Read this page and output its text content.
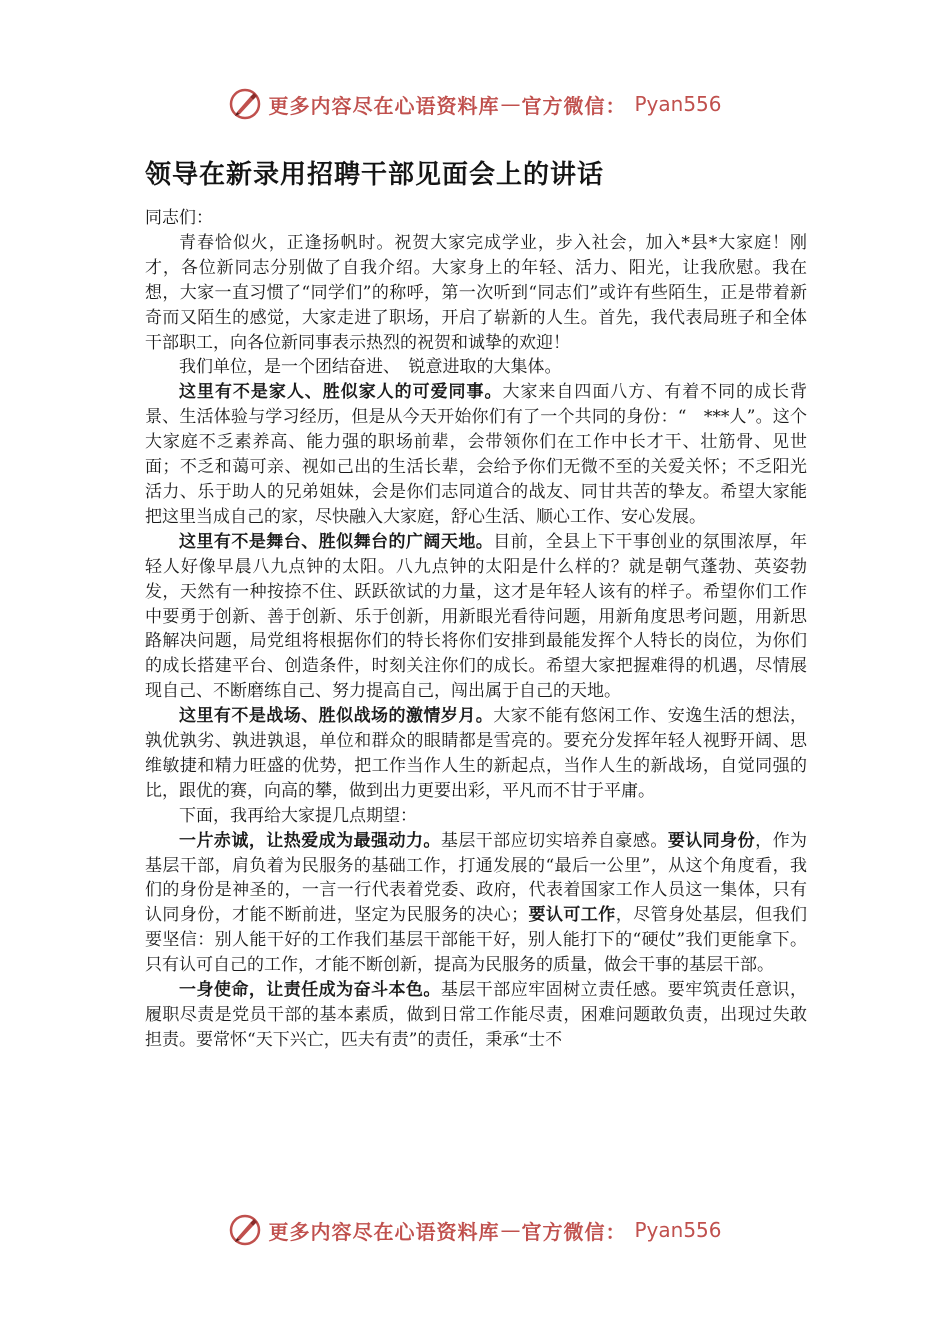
更多内容尽在心语资料库 — 官方微信： Pyan556
领导在新录用招聘干部见面会上的讲话

同志们：

青春恰似火，正逢扬帆时。祝贺大家完成学业，步入社会，加入*县*大家庭！刚才，各位新同志分别做了自我介绍。大家身上的年轻、活力、阳光，让我欣慰。我在想，大家一直习惯了“同学们”的称呼，第一次听到“同志们”或许有些陌生，正是带着新奇而又陌生的感觉，大家走进了职场，开启了崭新的人生。首先，我代表局班子和全体干部职工，向各位新同事表示热烈的祝贺和诚挚的欢迎！

我们单位，是一个团结奋进、　锐意进取的大集体。

这里有不是家人、胜似家人的可爱同事。大家来自四面八方、有着不同的成长背景、生活体验与学习经历，但是从今天开始你们有了一个共同的身份：“　***人”。这个大家庭不乏素养高、能力强的职场前辈，会带领你们在工作中长才干、壮筋骨、见世面；不乏和蔼可亲、视如己出的生活长辈，会给予你们无微不至的关爱关怀；不乏阳光活力、乐于助人的兄弟姐妹，会是你们志同道合的战友、同甘共苦的挚友。希望大家能把这里当成自己的家，尽快融入大家庭，舒心生活、顺心工作、安心发展。

这里有不是舞台、胜似舞台的广阔天地。目前，全县上下干事创业的氛围浓厚，年轻人好像早晨八九点钟的太阳。八九点钟的太阳是什么样的？就是朝气蓬勃、英姿勃发，天然有一种按捺不住、跃跃欲试的力量，这才是年轻人该有的样子。希望你们工作中要勇于创新、善于创新、乐于创新，用新眼光看待问题，用新角度思考问题，用新思路解决问题，局党组将根据你们的特长将你们安排到最能发挥个人特长的岗位，为你们的成长搭建平台、创造条件，时刻关注你们的成长。希望大家把握难得的机遇，尽情展现自己、不断磨练自己、努力提高自己，闯出属于自己的天地。

这里有不是战场、胜似战场的激情岁月。大家不能有悠闲工作、安逸生活的想法，孰优孰劣、孰进孰退，单位和群众的眼睛都是雪亮的。要充分发挥年轻人视野开阔、思维敏捷和精力旺盛的优势，把工作当作人生的新起点，当作人生的新战场，自觉同强的比，跟优的赛，向高的攀，做到出力更要出彩，平凡而不甘于平庸。

下面，我再给大家提几点期望：

一片赤诚，让热爱成为最强动力。基层干部应切实培养自豪感。要认同身份，作为基层干部，肩负着为民服务的基础工作，打通发展的“最后一公里”，从这个角度看，我们的身份是神圣的，一言一行代表着党委、政府，代表着国家工作人员这一集体，只有认同身份，才能不断前进，坚定为民服务的决心；要认可工作，尽管身处基层，但我们要坚信：别人能干好的工作我们基层干部能干好，别人能打下的“硬仗”我们更能拿下。只有认可自己的工作，才能不断创新，提高为民服务的质量，做会干事的基层干部。

一身使命，让责任成为奋斗本色。基层干部应牢固树立责任感。要牢筑责任意识，履职尽责是党员干部的基本素质，做到日常工作能尽责，困难问题敢负责，出现过失敢担责。要常怀“天下兴亡，匹夫有责”的责任，秉承“士不

更多内容尽在心语资料库 — 官方微信： Pyan556
